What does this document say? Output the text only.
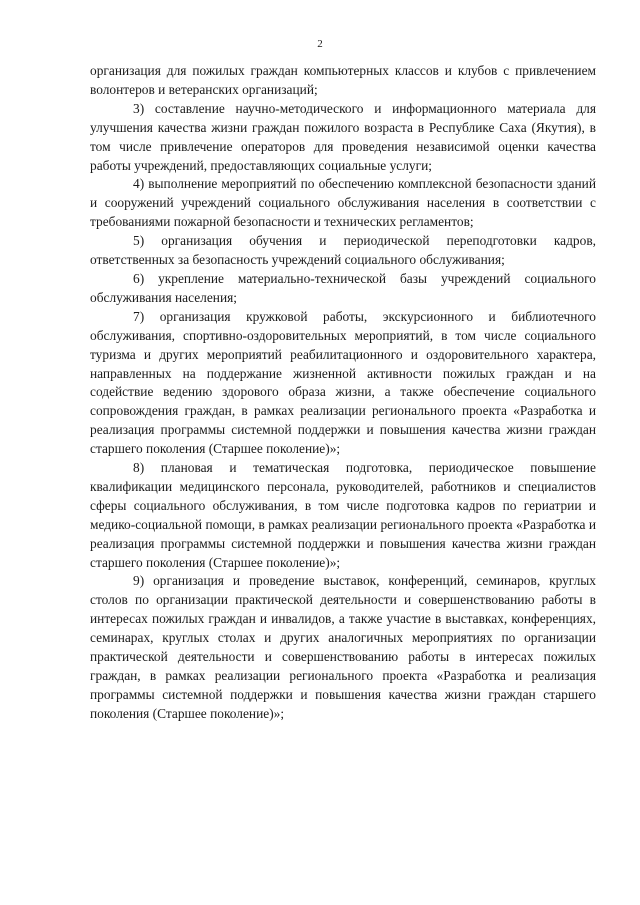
2

организация для пожилых граждан компьютерных классов и клубов с привлечением волонтеров и ветеранских организаций;

3) составление научно-методического и информационного материала для улучшения качества жизни граждан пожилого возраста в Республике Саха (Якутия), в том числе привлечение операторов для проведения независимой оценки качества работы учреждений, предоставляющих социальные услуги;

4) выполнение мероприятий по обеспечению комплексной безопасности зданий и сооружений учреждений социального обслуживания населения в соответствии с требованиями пожарной безопасности и технических регламентов;

5) организация обучения и периодической переподготовки кадров, ответственных за безопасность учреждений социального обслуживания;

6) укрепление материально-технической базы учреждений социального обслуживания населения;

7) организация кружковой работы, экскурсионного и библиотечного обслуживания, спортивно-оздоровительных мероприятий, в том числе социального туризма и других мероприятий реабилитационного и оздоровительного характера, направленных на поддержание жизненной активности пожилых граждан и на содействие ведению здорового образа жизни, а также обеспечение социального сопровождения граждан, в рамках реализации регионального проекта «Разработка и реализация программы системной поддержки и повышения качества жизни граждан старшего поколения (Старшее поколение)»;

8) плановая и тематическая подготовка, периодическое повышение квалификации медицинского персонала, руководителей, работников и специалистов сферы социального обслуживания, в том числе подготовка кадров по гериатрии и медико-социальной помощи, в рамках реализации регионального проекта «Разработка и реализация программы системной поддержки и повышения качества жизни граждан старшего поколения (Старшее поколение)»;

9) организация и проведение выставок, конференций, семинаров, круглых столов по организации практической деятельности и совершенствованию работы в интересах пожилых граждан и инвалидов, а также участие в выставках, конференциях, семинарах, круглых столах и других аналогичных мероприятиях по организации практической деятельности и совершенствованию работы в интересах пожилых граждан, в рамках реализации регионального проекта «Разработка и реализация программы системной поддержки и повышения качества жизни граждан старшего поколения (Старшее поколение)»;
